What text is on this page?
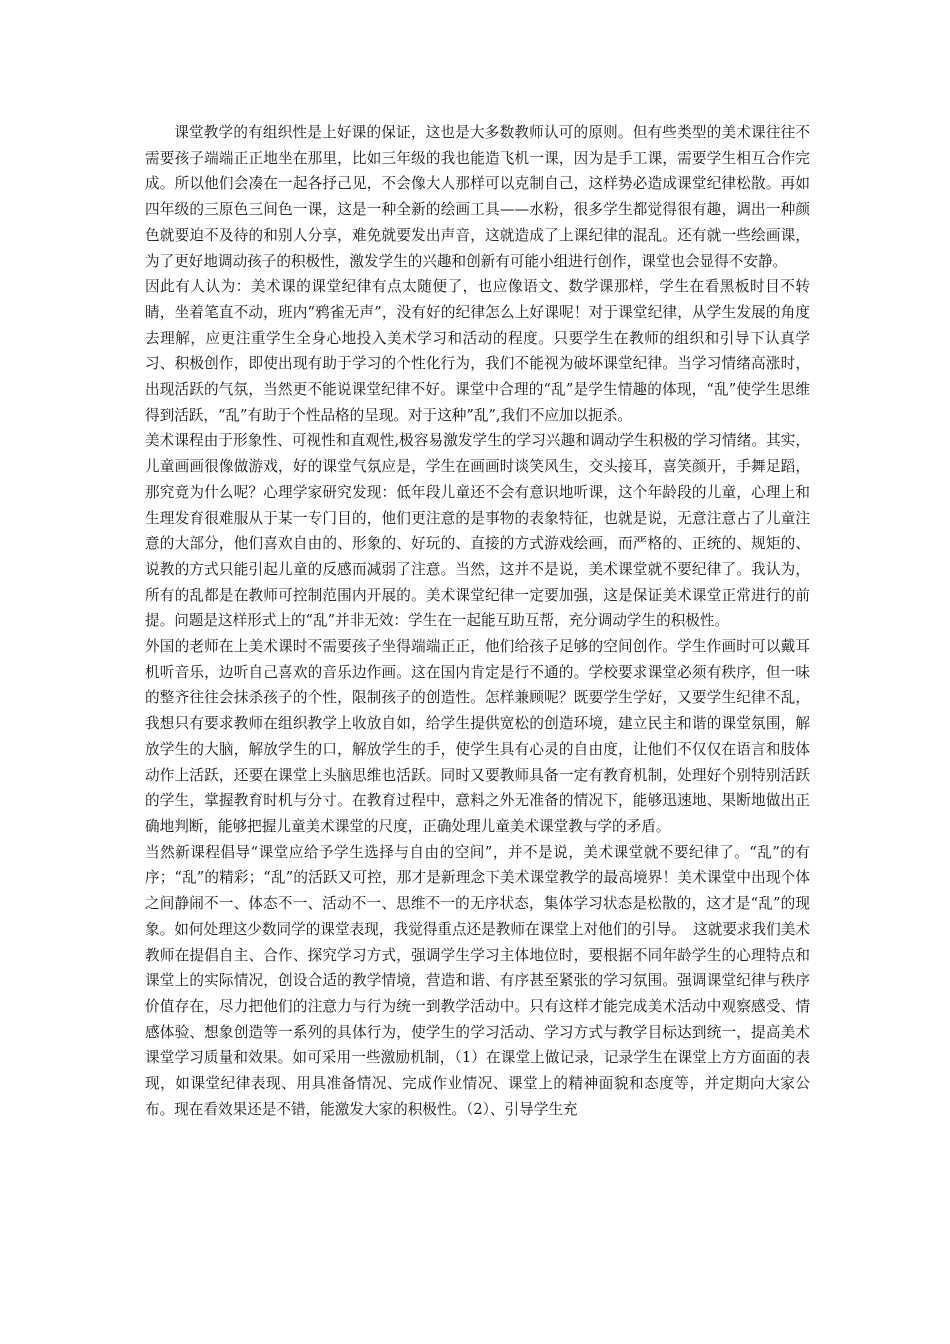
课堂教学的有组织性是上好课的保证，这也是大多数教师认可的原则。但有些类型的美术课往往不需要孩子端端正正地坐在那里，比如三年级的我也能造飞机一课，因为是手工课，需要学生相互合作完成。所以他们会凑在一起各抒己见，不会像大人那样可以克制自己，这样势必造成课堂纪律松散。再如四年级的三原色三间色一课，这是一种全新的绘画工具——水粉，很多学生都觉得很有趣，调出一种颜色就要迫不及待的和别人分享，难免就要发出声音，这就造成了上课纪律的混乱。还有就一些绘画课，为了更好地调动孩子的积极性，激发学生的兴趣和创新有可能小组进行创作，课堂也会显得不安静。

因此有人认为：美术课的课堂纪律有点太随便了，也应像语文、数学课那样，学生在看黑板时目不转睛，坐着笔直不动，班内“鸦雀无声”，没有好的纪律怎么上好课呢！对于课堂纪律，从学生发展的角度去理解，应更注重学生全身心地投入美术学习和活动的程度。只要学生在教师的组织和引导下认真学习、积极创作，即使出现有助于学习的个性化行为，我们不能视为破坏课堂纪律。当学习情绪高涨时，出现活跃的气氛，当然更不能说课堂纪律不好。课堂中合理的“乱”是学生情趣的体现，“乱”使学生思维得到活跃，“乱”有助于个性品格的呈现。对于这种”乱”,我们不应加以扼杀。

美术课程由于形象性、可视性和直观性,极容易激发学生的学习兴趣和调动学生积极的学习情绪。其实，儿童画画很像做游戏，好的课堂气氛应是，学生在画画时谈笑风生，交头接耳，喜笑颜开，手舞足蹈，那究竟为什么呢？心理学家研究发现：低年段儿童还不会有意识地听课，这个年龄段的儿童，心理上和生理发育很难服从于某一专门目的，他们更注意的是事物的表象特征，也就是说，无意注意占了儿童注意的大部分，他们喜欢自由的、形象的、好玩的、直接的方式游戏绘画，而严格的、正统的、规矩的、说教的方式只能引起儿童的反感而减弱了注意。当然，这并不是说，美术课堂就不要纪律了。我认为，所有的乱都是在教师可控制范围内开展的。美术课堂纪律一定要加强，这是保证美术课堂正常进行的前提。问题是这样形式上的“乱”并非无效：学生在一起能互助互帮，充分调动学生的积极性。

外国的老师在上美术课时不需要孩子坐得端端正正，他们给孩子足够的空间创作。学生作画时可以戴耳机听音乐，边听自己喜欢的音乐边作画。这在国内肯定是行不通的。学校要求课堂必须有秩序，但一味的整齐往往会抹杀孩子的个性，限制孩子的创造性。怎样兼顾呢？既要学生学好，又要学生纪律不乱，我想只有要求教师在组织教学上收放自如，给学生提供宽松的创造环境，建立民主和谐的课堂氛围，解放学生的大脑，解放学生的口，解放学生的手，使学生具有心灵的自由度，让他们不仅仅在语言和肢体动作上活跃，还要在课堂上头脑思维也活跃。同时又要教师具备一定有教育机制，处理好个别特别活跃的学生，掌握教育时机与分寸。在教育过程中，意料之外无准备的情况下，能够迅速地、果断地做出正确地判断，能够把握儿童美术课堂的尺度，正确处理儿童美术课堂教与学的矛盾。

当然新课程倡导“课堂应给予学生选择与自由的空间”，并不是说，美术课堂就不要纪律了。“乱”的有序；“乱”的精彩；“乱”的活跃又可控，那才是新理念下美术课堂教学的最高境界！美术课堂中出现个体之间静闹不一、体态不一、活动不一、思维不一的无序状态，集体学习状态是松散的，这才是“乱”的现象。如何处理这少数同学的课堂表现，我觉得重点还是教师在课堂上对他们的引导。　这就要求我们美术教师在提倡自主、合作、探究学习方式，强调学生学习主体地位时，要根据不同年龄学生的心理特点和课堂上的实际情况，创设合适的教学情境，营造和谐、有序甚至紧张的学习氛围。强调课堂纪律与秩序价值存在，尽力把他们的注意力与行为统一到教学活动中。只有这样才能完成美术活动中观察感受、情感体验、想象创造等一系列的具体行为，使学生的学习活动、学习方式与教学目标达到统一，提高美术课堂学习质量和效果。如可采用一些激励机制，（1）在课堂上做记录，记录学生在课堂上方方面面的表现，如课堂纪律表现、用具准备情况、完成作业情况、课堂上的精神面貌和态度等，并定期向大家公布。现在看效果还是不错，能激发大家的积极性。（2）、引导学生充
